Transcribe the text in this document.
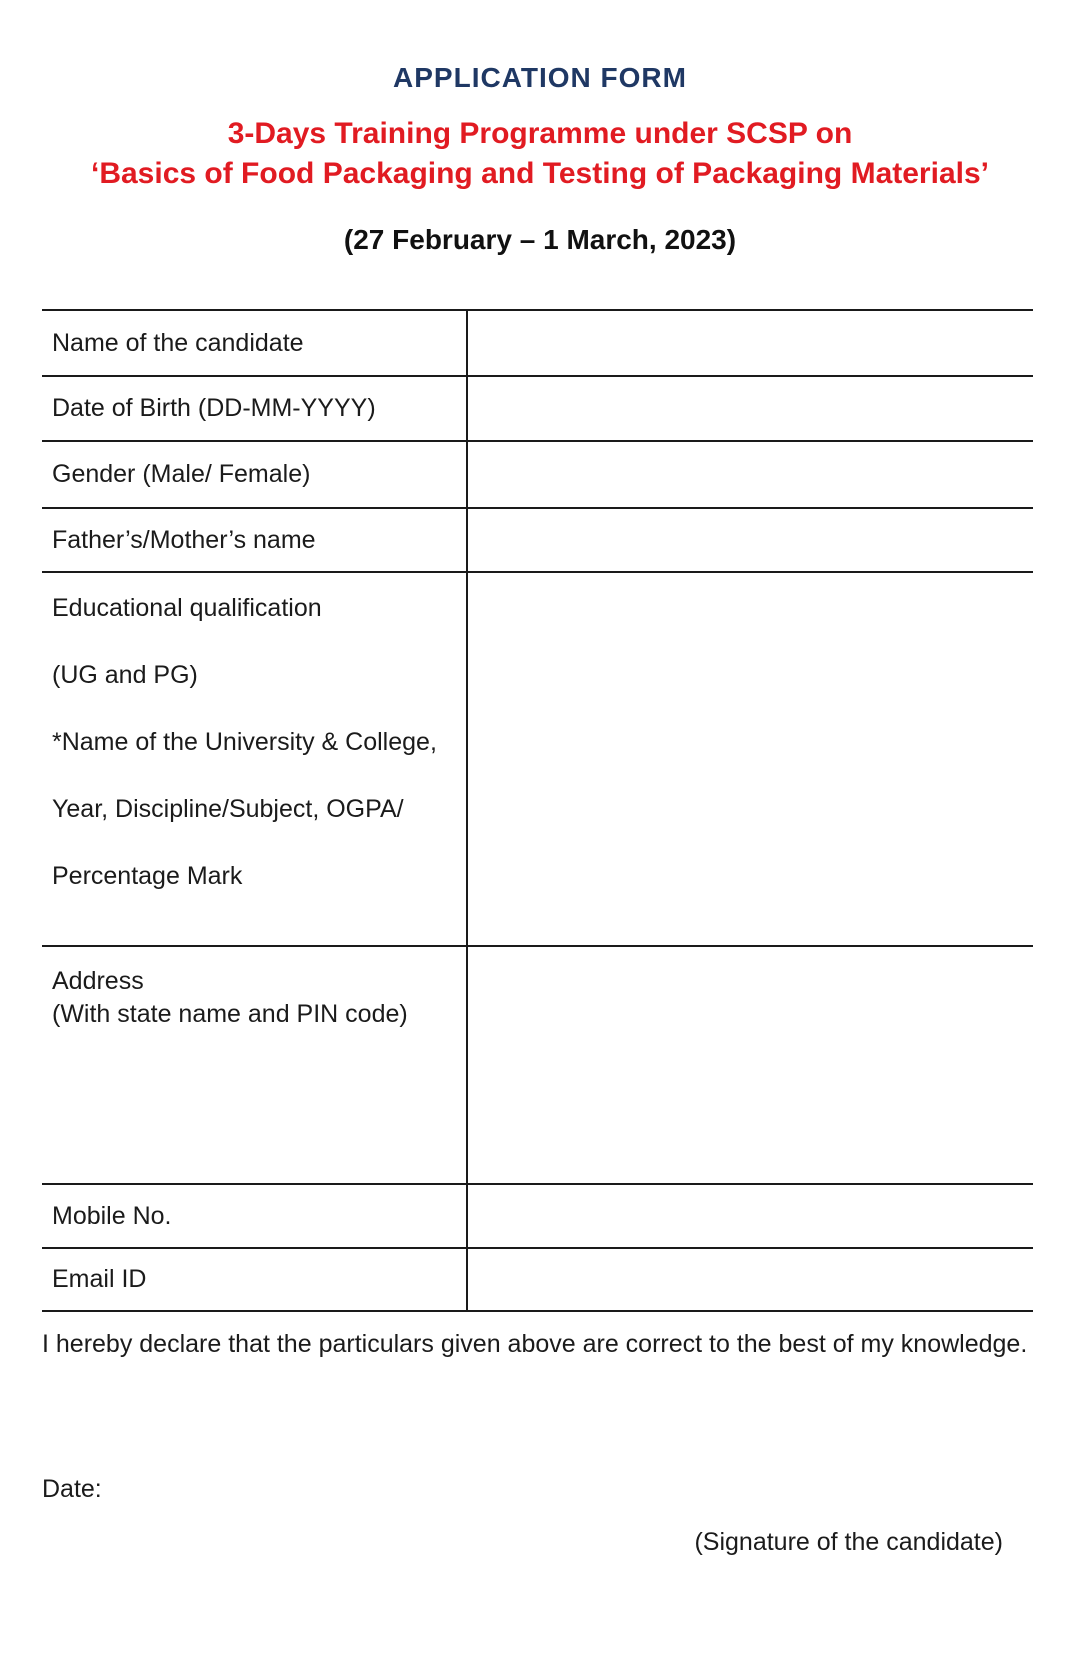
APPLICATION FORM
3-Days Training Programme under SCSP on
‘Basics of Food Packaging and Testing of Packaging Materials’
(27 February – 1 March, 2023)
Name of the candidate
Date of Birth (DD-MM-YYYY)
Gender (Male/ Female)
Father’s/Mother’s name
Educational qualification
(UG and PG)
*Name of the University & College,
Year, Discipline/Subject, OGPA/
Percentage Mark
Address
(With state name and PIN code)
Mobile No.
Email ID
I hereby declare that the particulars given above are correct to the best of my knowledge.
Date:
(Signature of the candidate)
